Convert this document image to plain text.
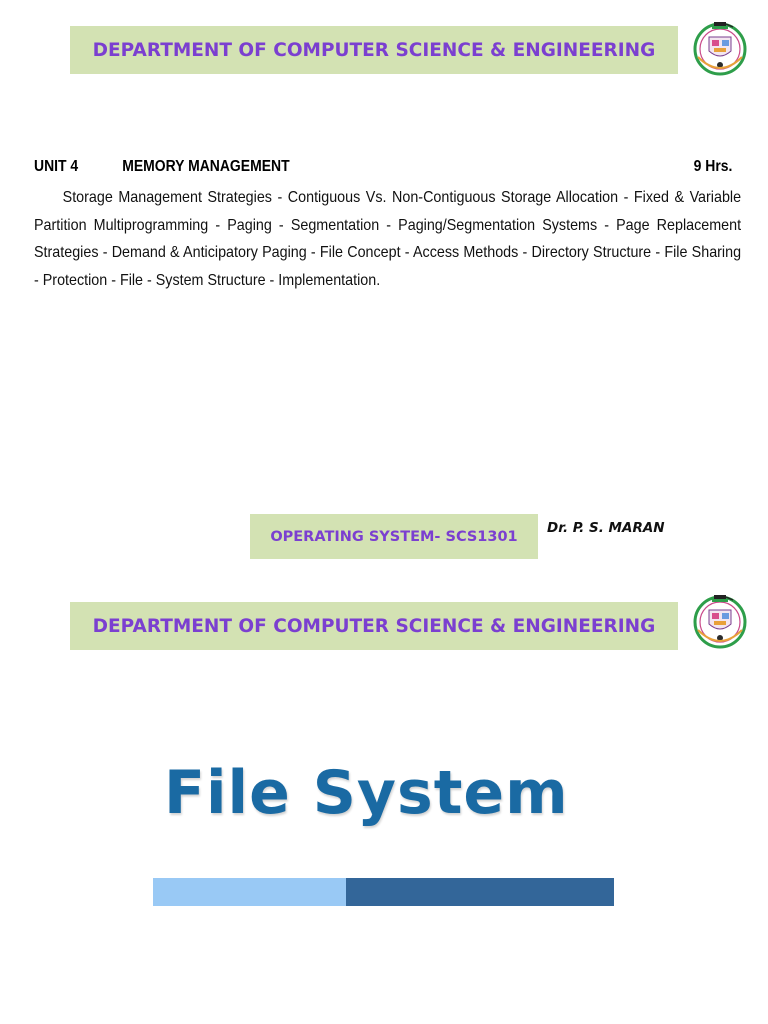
DEPARTMENT OF COMPUTER SCIENCE & ENGINEERING
UNIT 4	MEMORY MANAGEMENT	9 Hrs.
Storage Management Strategies - Contiguous Vs. Non-Contiguous Storage Allocation - Fixed & Variable Partition Multiprogramming - Paging - Segmentation - Paging/Segmentation Systems - Page Replacement Strategies - Demand & Anticipatory Paging - File Concept - Access Methods - Directory Structure - File Sharing - Protection - File - System Structure - Implementation.
OPERATING SYSTEM- SCS1301
Dr. P. S. MARAN
DEPARTMENT OF COMPUTER SCIENCE & ENGINEERING
File System
